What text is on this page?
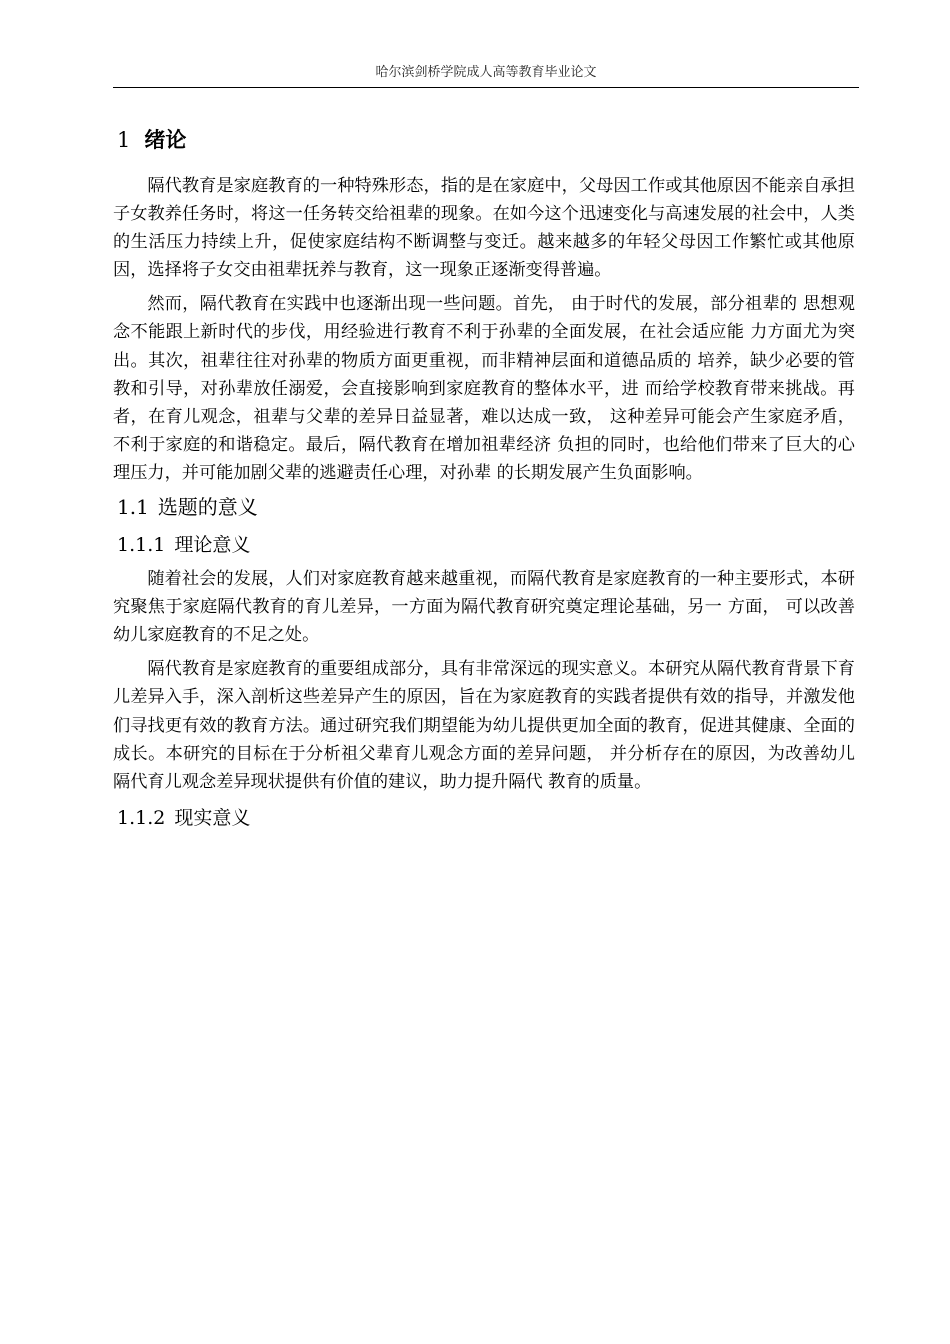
哈尔滨剑桥学院成人高等教育毕业论文
1 绪论

隔代教育是家庭教育的一种特殊形态，指的是在家庭中，父母因工作或其他原因不能亲自承担子女教养任务时，将这一任务转交给祖辈的现象。在如今这个迅速变化与高速发展的社会中，人类的生活压力持续上升，促使家庭结构不断调整与变迁。越来越多的年轻父母因工作繁忙或其他原因，选择将子女交由祖辈抚养与教育，这一现象正逐渐变得普遍。

然而，隔代教育在实践中也逐渐出现一些问题。首先， 由于时代的发展，部分祖辈的 思想观念不能跟上新时代的步伐，用经验进行教育不利于孙辈的全面发展，在社会适应能 力方面尤为突出。其次，祖辈往往对孙辈的物质方面更重视，而非精神层面和道德品质的 培养，缺少必要的管教和引导，对孙辈放任溺爱，会直接影响到家庭教育的整体水平，进 而给学校教育带来挑战。再者，在育儿观念，祖辈与父辈的差异日益显著，难以达成一致， 这种差异可能会产生家庭矛盾，不利于家庭的和谐稳定。最后，隔代教育在增加祖辈经济 负担的同时，也给他们带来了巨大的心理压力，并可能加剧父辈的逃避责任心理，对孙辈 的长期发展产生负面影响。

1.1 选题的意义
1.1.1 理论意义

随着社会的发展，人们对家庭教育越来越重视，而隔代教育是家庭教育的一种主要形式，本研究聚焦于家庭隔代教育的育儿差异，一方面为隔代教育研究奠定理论基础，另一 方面， 可以改善幼儿家庭教育的不足之处。

隔代教育是家庭教育的重要组成部分，具有非常深远的现实意义。本研究从隔代教育背景下育儿差异入手，深入剖析这些差异产生的原因，旨在为家庭教育的实践者提供有效的指导，并激发他们寻找更有效的教育方法。通过研究我们期望能为幼儿提供更加全面的教育，促进其健康、全面的成长。本研究的目标在于分析祖父辈育儿观念方面的差异问题， 并分析存在的原因，为改善幼儿隔代育儿观念差异现状提供有价值的建议，助力提升隔代 教育的质量。

1.1.2 现实意义
